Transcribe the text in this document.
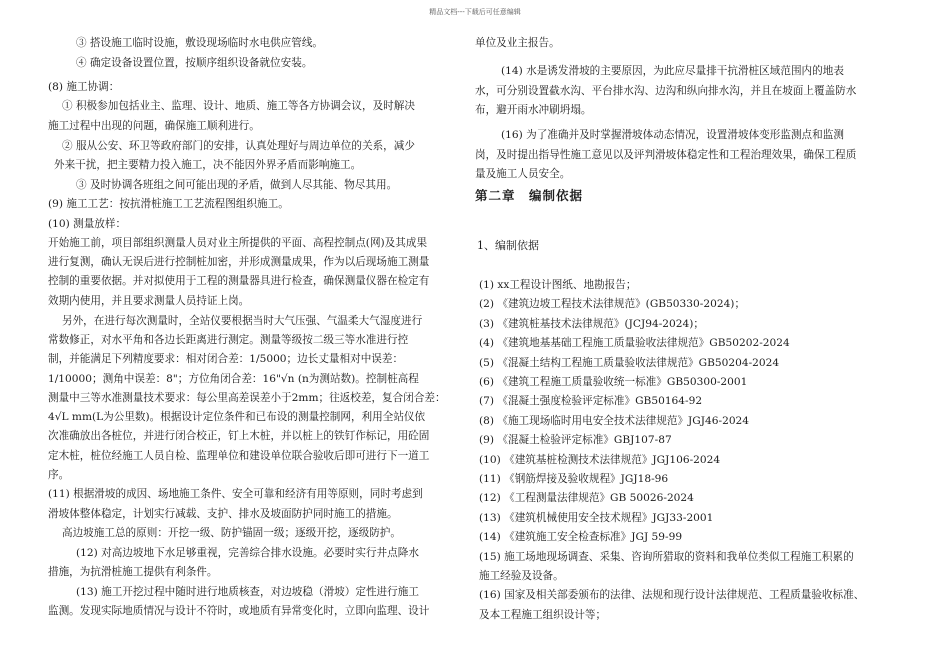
精品文档---下载后可任意编辑
③ 搭设施工临时设施，敷设现场临时水电供应管线。
④ 确定设备设置位置，按顺序组织设备就位安装。
(8) 施工协调：
① 积极参加包括业主、监理、设计、地质、施工等各方协调会议，及时解决
施工过程中出现的问题，确保施工顺利进行。
② 服从公安、环卫等政府部门的安排，认真处理好与周边单位的关系，减少
外来干扰，把主要精力投入施工，决不能因外界矛盾而影响施工。
③ 及时协调各班组之间可能出现的矛盾，做到人尽其能、物尽其用。
(9) 施工工艺：按抗滑桩施工工艺流程图组织施工。
(10) 测量放样：
开始施工前，项目部组织测量人员对业主所提供的平面、高程控制点(网)及其成果
进行复测，确认无误后进行控制桩加密，并形成测量成果，作为以后现场施工测量
控制的重要依据。并对拟使用于工程的测量器具进行检查，确保测量仪器在检定有
效期内使用，并且要求测量人员持证上岗。
另外，在进行每次测量时，全站仪要根据当时大气压强、气温柔大气湿度进行
常数修正，对水平角和各边长距离进行测定。测量等级按二级三等水准进行控
制，并能满足下列精度要求：相对闭合差：1/5000；边长丈量相对中误差：
1/10000；测角中误差：8"；方位角闭合差：16"√n (n为测站数)。控制桩高程
测量中三等水准测量技术要求：每公里高差误差小于2mm；往返校差，复合闭合差：
4√L mm(L为公里数)。根据设计定位条件和已布设的测量控制网，利用全站仪依
次准确放出各桩位，并进行闭合校正，钉上木桩，并以桩上的铁钉作标记，用砼固
定木桩，桩位经施工人员自检、监理单位和建设单位联合验收后即可进行下一道工
序。
(11) 根据滑坡的成因、场地施工条件、安全可靠和经济有用等原则，同时考虑到
滑坡体整体稳定，计划实行减载、支护、排水及坡面防护同时施工的措施。
高边坡施工总的原则：开挖一级、防护锚固一级；逐级开挖，逐级防护。
(12) 对高边坡地下水足够重视，完善综合排水设施。必要时实行井点降水
措施，为抗滑桩施工提供有利条件。
(13) 施工开挖过程中随时进行地质核查，对边坡稳（滑坡）定性进行施工
监测。发现实际地质情况与设计不符时，或地质有异常变化时，立即向监理、设计
单位及业主报告。
(14) 水是诱发滑坡的主要原因，为此应尽量排干抗滑桩区域范围内的地表
水，可分别设置截水沟、平台排水沟、边沟和纵向排水沟，并且在坡面上覆盖防水
布，避开雨水冲刷坍塌。
(16) 为了准确并及时掌握滑坡体动态情况，设置滑坡体变形监测点和监测
岗，及时提出指导性施工意见以及评判滑坡体稳定性和工程治理效果，确保工程质
量及施工人员安全。
第二章　编制依据
1、编制依据
(1) xx工程设计图纸、地勘报告；
(2) 《建筑边坡工程技术法律规范》(GB50330-2024)；
(3) 《建筑桩基技术法律规范》(JCJ94-2024)；
(4) 《建筑地基基础工程施工质量验收法律规范》GB50202-2024
(5) 《混凝土结构工程施工质量验收法律规范》GB50204-2024
(6) 《建筑工程施工质量验收统一标准》GB50300-2001
(7) 《混凝土强度检验评定标准》GB50164-92
(8) 《施工现场临时用电安全技术法律规范》JGJ46-2024
(9) 《混凝土检验评定标准》GBJ107-87
(10) 《建筑基桩检测技术法律规范》JGJ106-2024
(11) 《钢筋焊接及验收规程》JGJ18-96
(12) 《工程测量法律规范》GB 50026-2024
(13) 《建筑机械使用安全技术规程》JGJ33-2001
(14) 《建筑施工安全检查标准》JGJ 59-99
(15) 施工场地现场调查、采集、咨询所猎取的资料和我单位类似工程施工积累的
施工经验及设备。
(16) 国家及相关部委颁布的法律、法规和现行设计法律规范、工程质量验收标准、
及本工程施工组织设计等；
